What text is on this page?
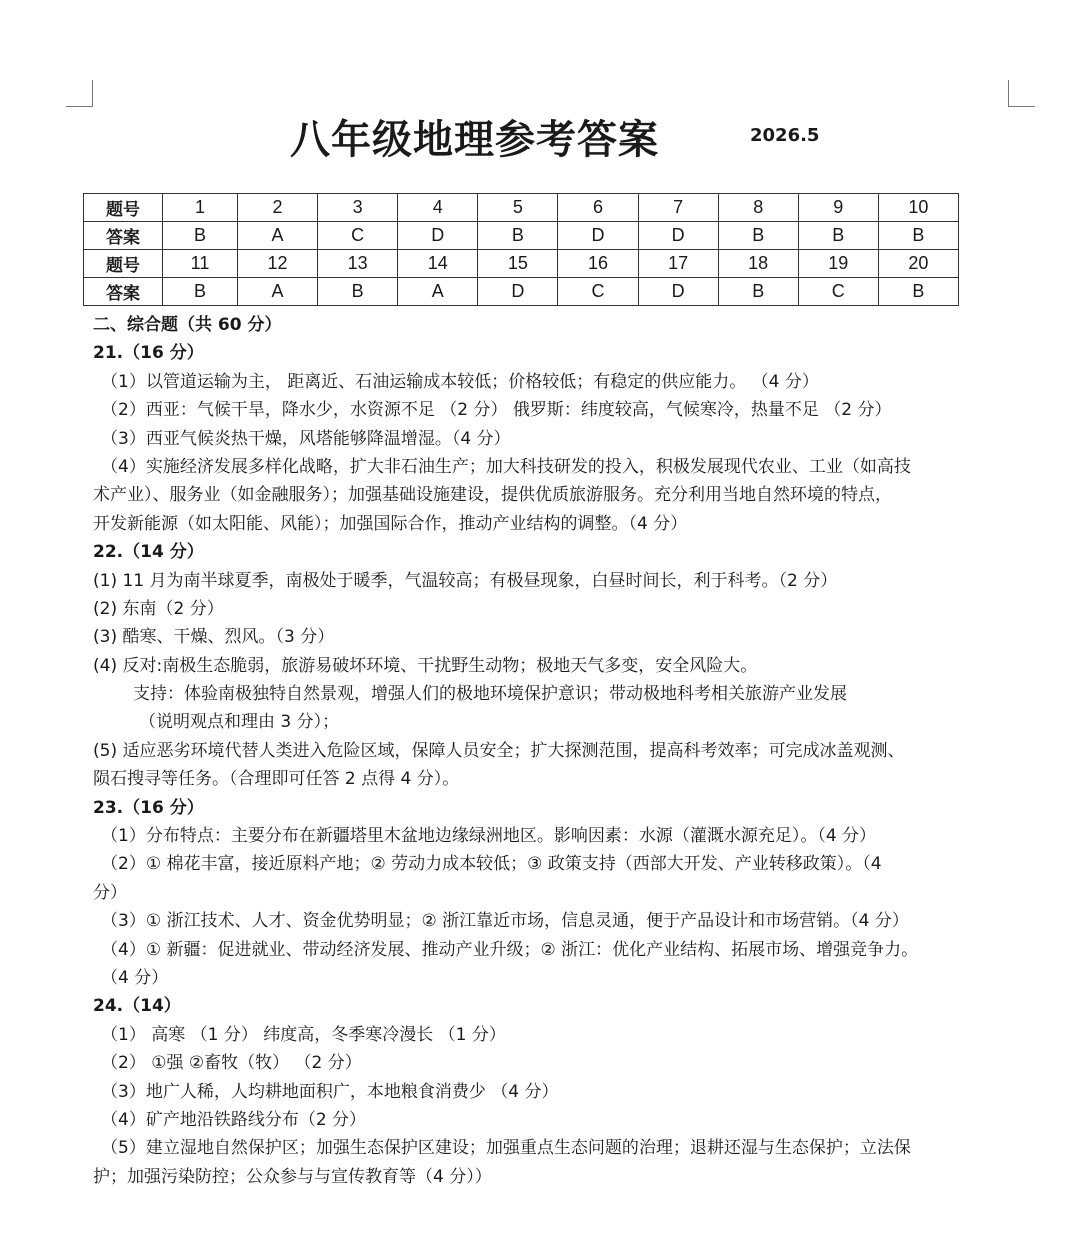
八年级地理参考答案	2026.5
题号	1	2	3	4	5	6	7	8	9	10
答案	B	A	C	D	B	D	D	B	B	B
题号	11	12	13	14	15	16	17	18	19	20
答案	B	A	B	A	D	C	D	B	C	B
二、综合题（共 60 分）
21.（16 分）
（1）以管道运输为主， 距离近、石油运输成本较低；价格较低；有稳定的供应能力。 （4 分）
（2）西亚：气候干旱，降水少，水资源不足 （2 分） 俄罗斯：纬度较高，气候寒冷，热量不足 （2 分）
（3）西亚气候炎热干燥，风塔能够降温增湿。（4 分）
（4）实施经济发展多样化战略，扩大非石油生产；加大科技研发的投入，积极发展现代农业、工业（如高技
术产业）、服务业（如金融服务）；加强基础设施建设，提供优质旅游服务。充分利用当地自然环境的特点，
开发新能源（如太阳能、风能）；加强国际合作，推动产业结构的调整。（4 分）
22.（14 分）
(1) 11 月为南半球夏季，南极处于暖季，气温较高；有极昼现象，白昼时间长，利于科考。（2 分）
(2) 东南（2 分）
(3) 酷寒、干燥、烈风。（3 分）
(4) 反对:南极生态脆弱，旅游易破坏环境、干扰野生动物；极地天气多变，安全风险大。
支持：体验南极独特自然景观，增强人们的极地环境保护意识；带动极地科考相关旅游产业发展
（说明观点和理由 3 分）；
(5) 适应恶劣环境代替人类进入危险区域，保障人员安全；扩大探测范围，提高科考效率；可完成冰盖观测、
陨石搜寻等任务。（合理即可任答 2 点得 4 分）。
23.（16 分）
（1）分布特点：主要分布在新疆塔里木盆地边缘绿洲地区。影响因素：水源（灌溉水源充足）。（4 分）
（2）① 棉花丰富，接近原料产地；② 劳动力成本较低；③ 政策支持（西部大开发、产业转移政策）。（4
分）
（3）① 浙江技术、人才、资金优势明显；② 浙江靠近市场，信息灵通，便于产品设计和市场营销。（4 分）
（4）① 新疆：促进就业、带动经济发展、推动产业升级；② 浙江：优化产业结构、拓展市场、增强竞争力。
（4 分）
24.（14）
（1） 高寒 （1 分） 纬度高，冬季寒冷漫长 （1 分）
（2） ①强 ②畜牧（牧） （2 分）
（3）地广人稀，人均耕地面积广，本地粮食消费少 （4 分）
（4）矿产地沿铁路线分布（2 分）
（5）建立湿地自然保护区；加强生态保护区建设；加强重点生态问题的治理；退耕还湿与生态保护；立法保
护；加强污染防控；公众参与与宣传教育等（4 分））
